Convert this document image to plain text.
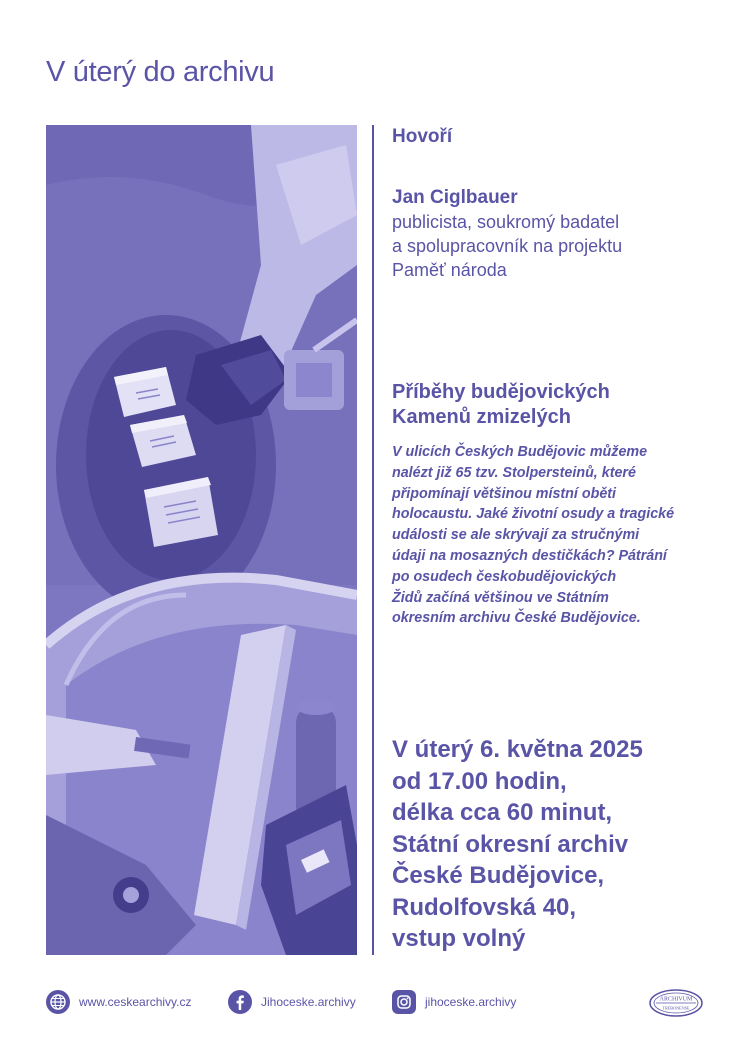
V úterý do archivu
Hovoří
Jan Ciglbauer
publicista, soukromý badatel
a spolupracovník na projektu
Paměť národa
Příběhy budějovických
Kamenů zmizelých
V ulicích Českých Budějovic můžeme
nalézt již 65 tzv. Stolpersteinů, které
připomínají většinou místní oběti
holocaustu. Jaké životní osudy a tragické
události se ale skrývají za stručnými
údaji na mosazných destičkách? Pátrání
po osudech českobudějovických
Židů začíná většinou ve Státním
okresním archivu České Budějovice.
V úterý 6. května 2025
od 17.00 hodin,
délka cca 60 minut,
Státní okresní archiv
České Budějovice,
Rudolfovská 40,
vstup volný
www.ceskearchivy.cz	Jihoceske.archivy	jihoceske.archivy	ARCHIVUM
TREBONENSE
